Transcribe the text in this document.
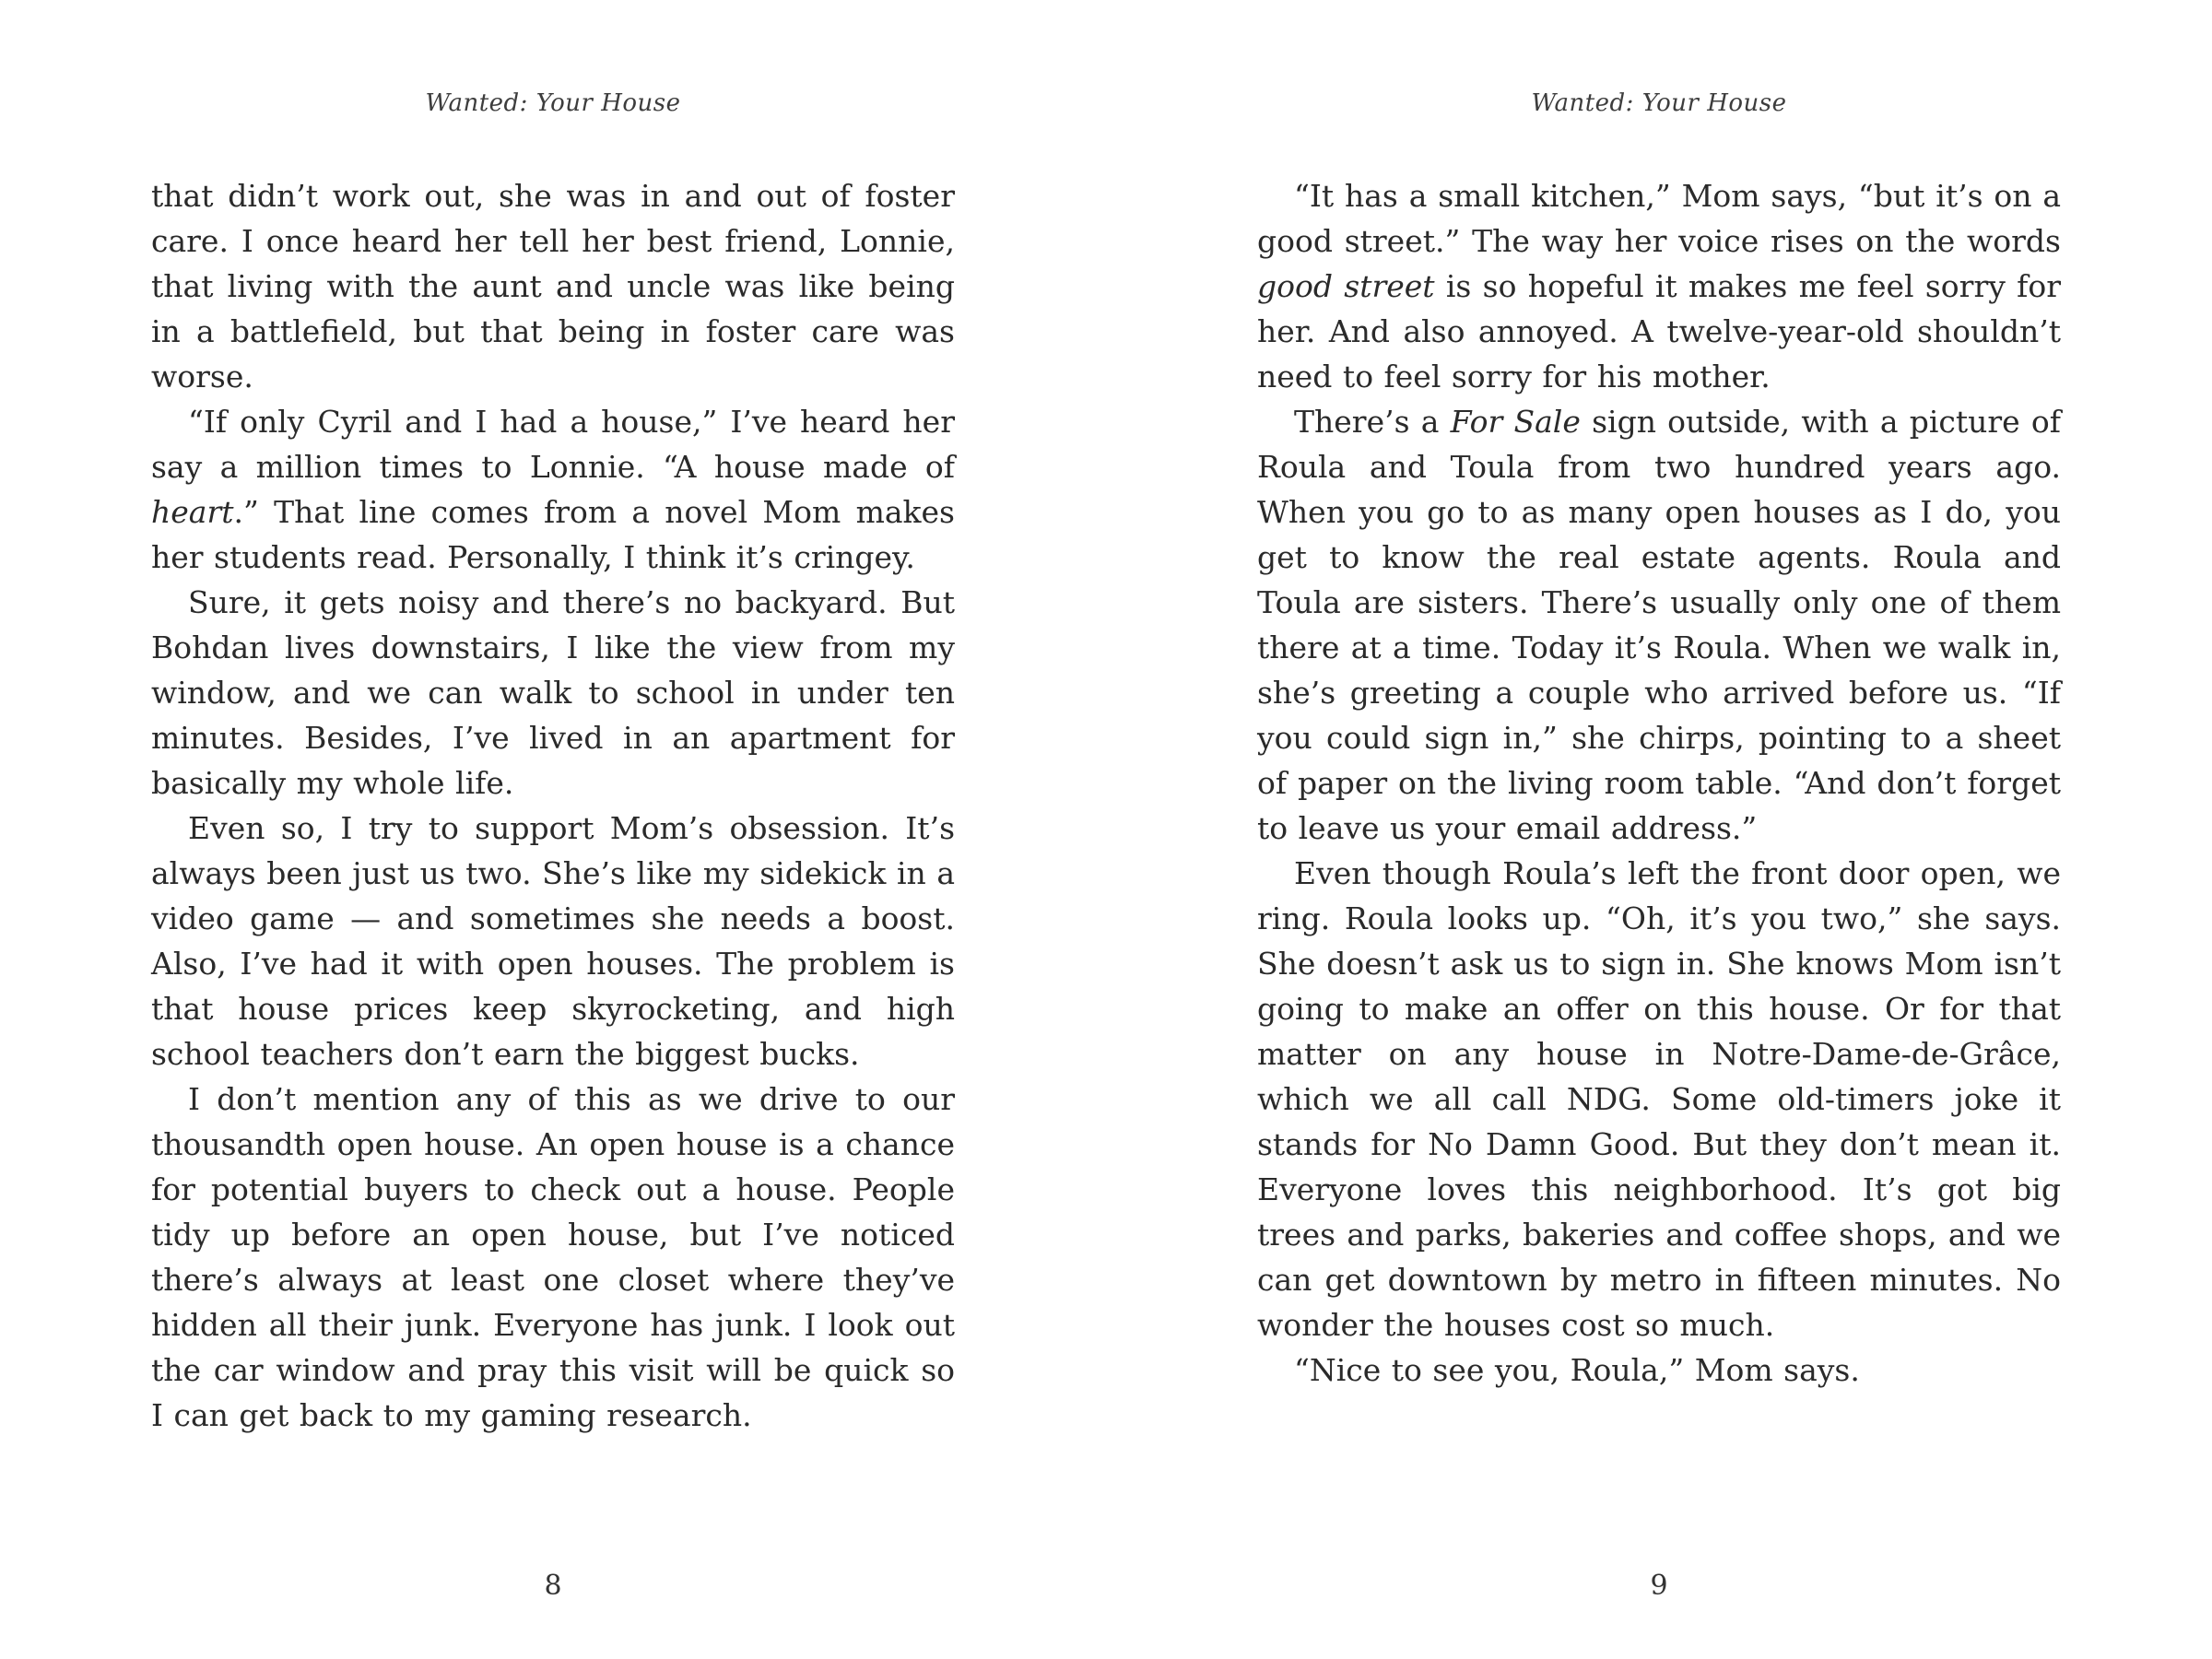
Wanted: Your House

that didn’t work out, she was in and out of foster care. I once heard her tell her best friend, Lonnie, that living with the aunt and uncle was like being in a battlefield, but that being in foster care was worse.

“If only Cyril and I had a house,” I’ve heard her say a million times to Lonnie. “A house made of heart.” That line comes from a novel Mom makes her students read. Personally, I think it’s cringey.

Sure, it gets noisy and there’s no backyard. But Bohdan lives downstairs, I like the view from my window, and we can walk to school in under ten minutes. Besides, I’ve lived in an apartment for basically my whole life.

Even so, I try to support Mom’s obsession. It’s always been just us two. She’s like my sidekick in a video game — and sometimes she needs a boost. Also, I’ve had it with open houses. The problem is that house prices keep skyrocketing, and high school teachers don’t earn the biggest bucks.

I don’t mention any of this as we drive to our thousandth open house. An open house is a chance for potential buyers to check out a house. People tidy up before an open house, but I’ve noticed there’s always at least one closet where they’ve hidden all their junk. Everyone has junk. I look out the car window and pray this visit will be quick so I can get back to my gaming research.

8
Wanted: Your House

“It has a small kitchen,” Mom says, “but it’s on a good street.” The way her voice rises on the words good street is so hopeful it makes me feel sorry for her. And also annoyed. A twelve-year-old shouldn’t need to feel sorry for his mother.

There’s a For Sale sign outside, with a picture of Roula and Toula from two hundred years ago. When you go to as many open houses as I do, you get to know the real estate agents. Roula and Toula are sisters. There’s usually only one of them there at a time. Today it’s Roula. When we walk in, she’s greeting a couple who arrived before us. “If you could sign in,” she chirps, pointing to a sheet of paper on the living room table. “And don’t forget to leave us your email address.”

Even though Roula’s left the front door open, we ring. Roula looks up. “Oh, it’s you two,” she says. She doesn’t ask us to sign in. She knows Mom isn’t going to make an offer on this house. Or for that matter on any house in Notre-Dame-de-Grâce, which we all call NDG. Some old-timers joke it stands for No Damn Good. But they don’t mean it. Everyone loves this neighborhood. It’s got big trees and parks, bakeries and coffee shops, and we can get downtown by metro in fifteen minutes. No wonder the houses cost so much.

“Nice to see you, Roula,” Mom says.

9
